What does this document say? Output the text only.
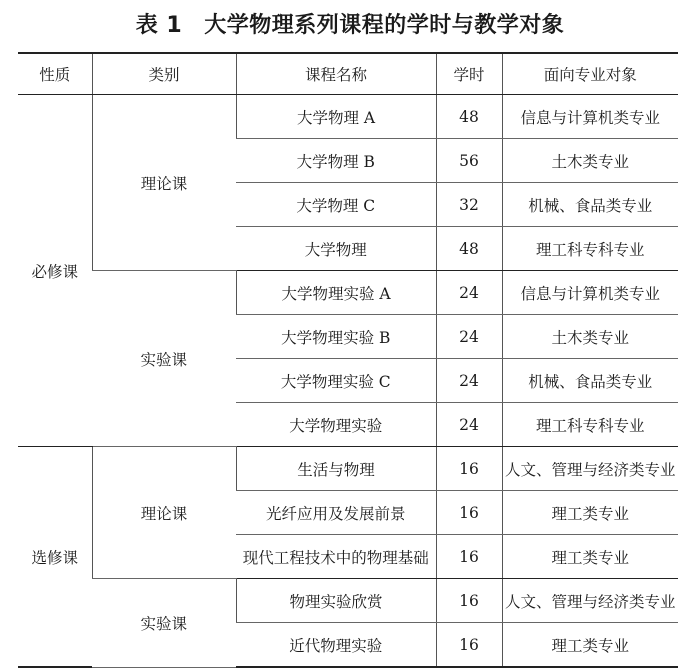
表 1 大学物理系列课程的学时与教学对象
性质	类别	课程名称	学时	面向专业对象
必修课	理论课	大学物理 A	48	信息与计算机类专业
		大学物理 B	56	土木类专业
		大学物理 C	32	机械、食品类专业
		大学物理	48	理工科专科专业
	实验课	大学物理实验 A	24	信息与计算机类专业
		大学物理实验 B	24	土木类专业
		大学物理实验 C	24	机械、食品类专业
		大学物理实验	24	理工科专科专业
选修课	理论课	生活与物理	16	人文、管理与经济类专业
		光纤应用及发展前景	16	理工类专业
		现代工程技术中的物理基础	16	理工类专业
	实验课	物理实验欣赏	16	人文、管理与经济类专业
		近代物理实验	16	理工类专业
